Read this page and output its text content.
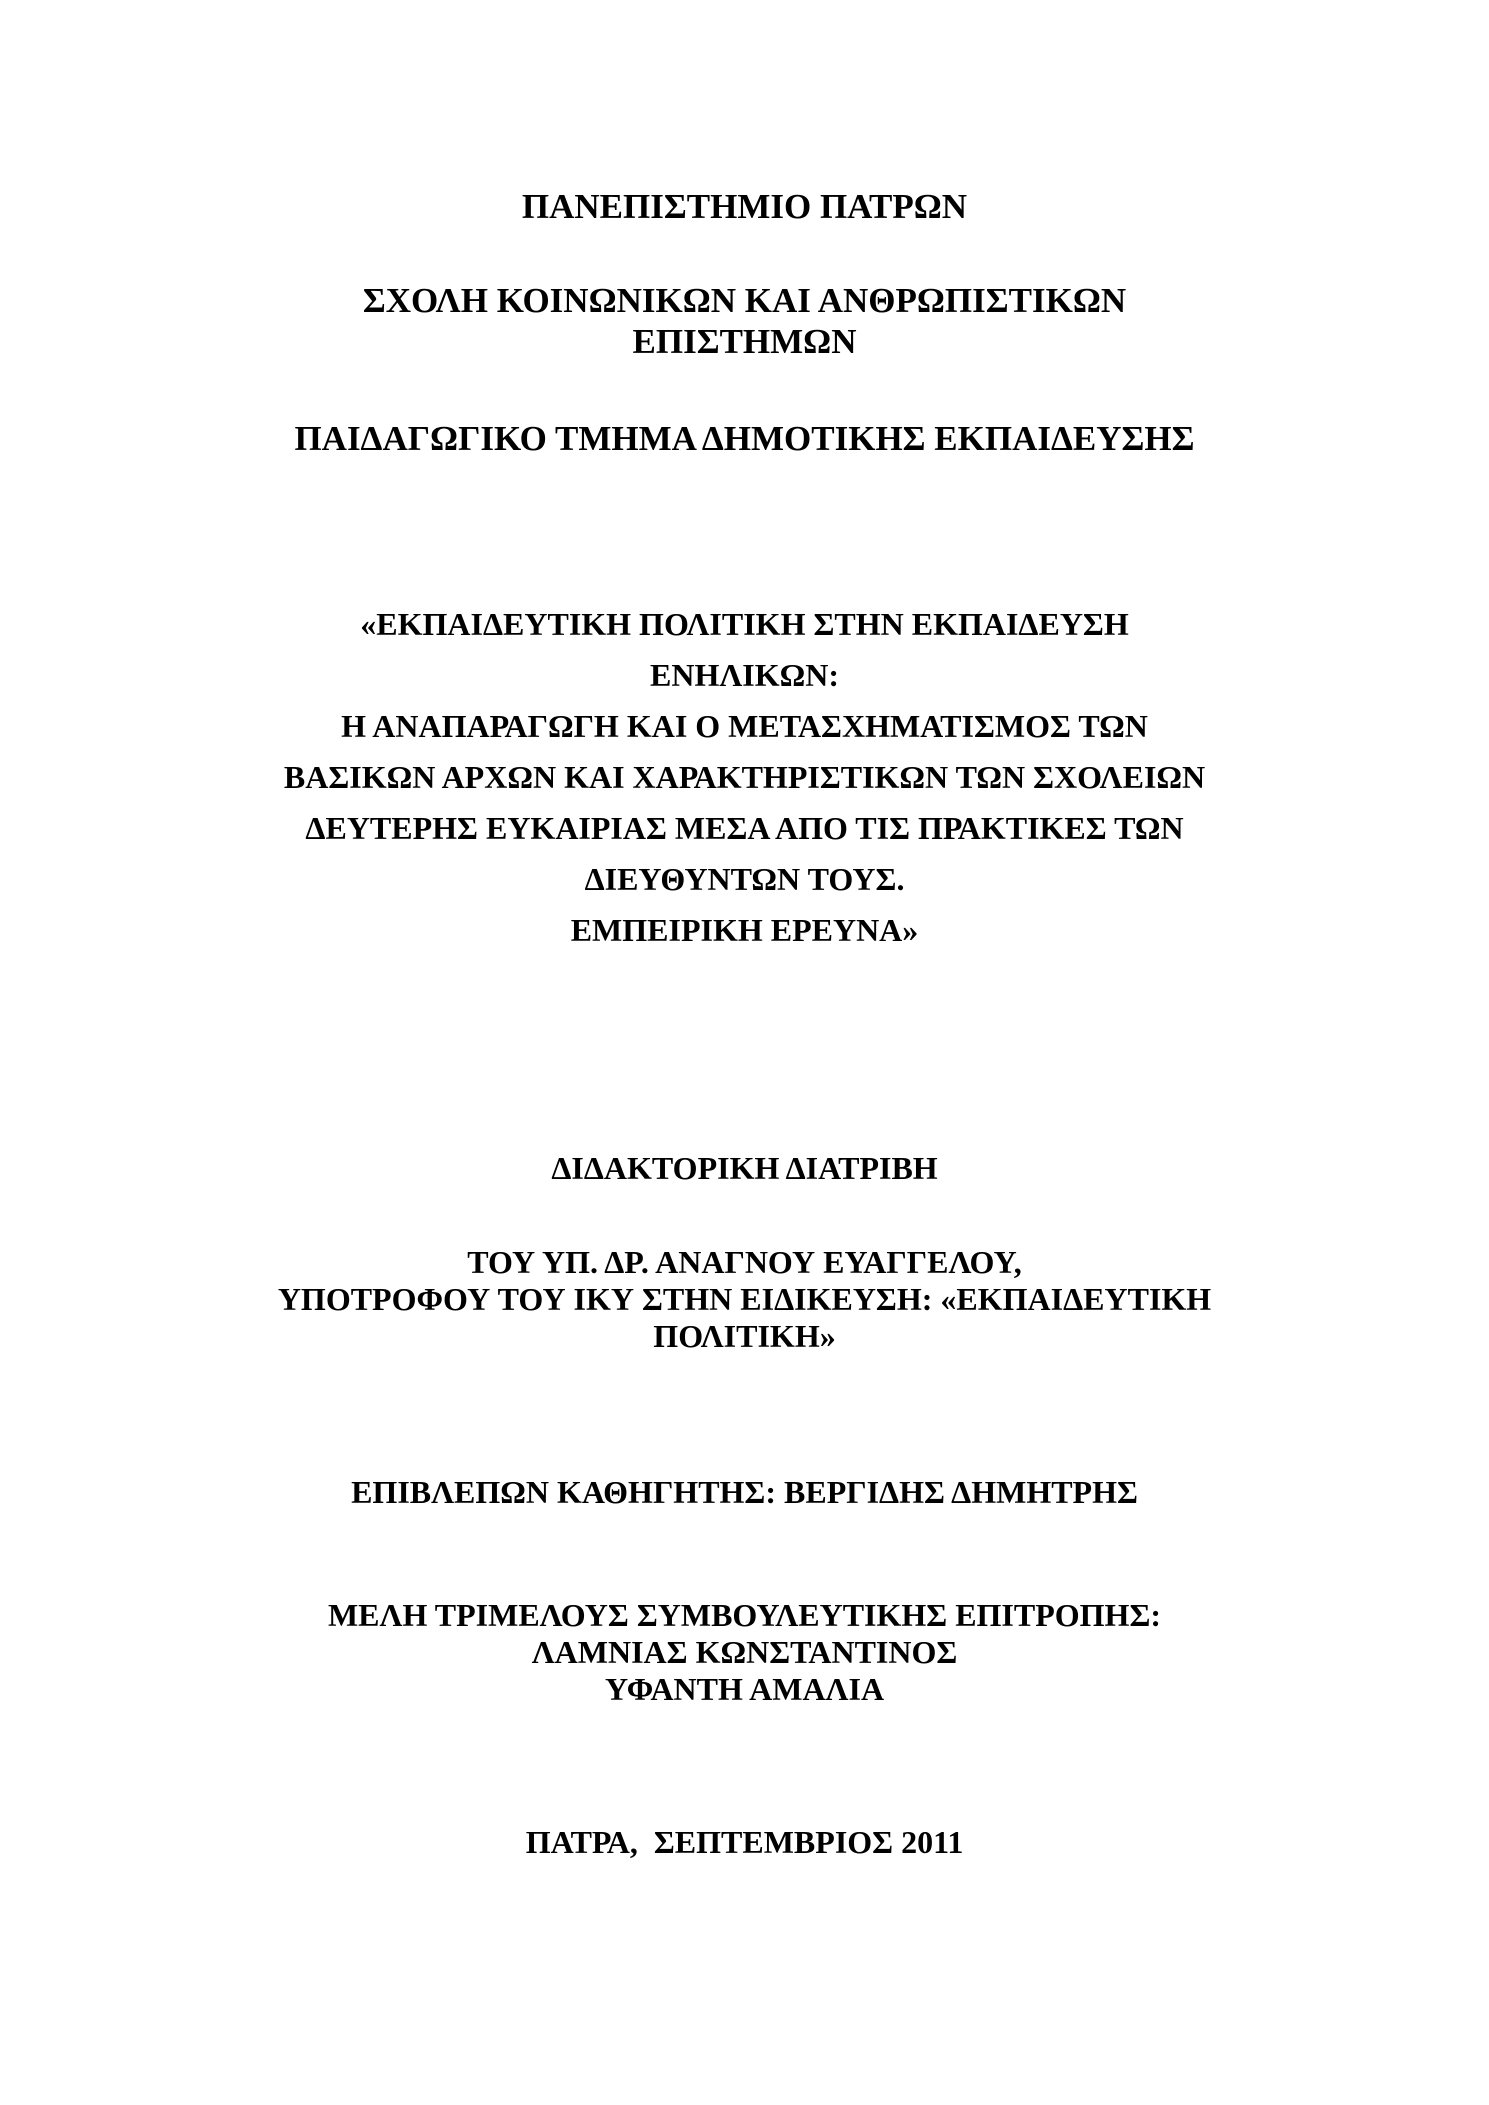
ΠΑΝΕΠΙΣΤΗΜΙΟ ΠΑΤΡΩΝ
ΣΧΟΛΗ ΚΟΙΝΩΝΙΚΩΝ ΚΑΙ ΑΝΘΡΩΠΙΣΤΙΚΩΝ
ΕΠΙΣΤΗΜΩΝ
ΠΑΙΔΑΓΩΓΙΚΟ ΤΜΗΜΑ ΔΗΜΟΤΙΚΗΣ ΕΚΠΑΙΔΕΥΣΗΣ
«ΕΚΠΑΙΔΕΥΤΙΚΗ ΠΟΛΙΤΙΚΗ ΣΤΗΝ ΕΚΠΑΙΔΕΥΣΗ
ΕΝΗΛΙΚΩΝ:
Η ΑΝΑΠΑΡΑΓΩΓΗ ΚΑΙ Ο ΜΕΤΑΣΧΗΜΑΤΙΣΜΟΣ ΤΩΝ
ΒΑΣΙΚΩΝ ΑΡΧΩΝ ΚΑΙ ΧΑΡΑΚΤΗΡΙΣΤΙΚΩΝ ΤΩΝ ΣΧΟΛΕΙΩΝ
ΔΕΥΤΕΡΗΣ ΕΥΚΑΙΡΙΑΣ ΜΕΣΑ ΑΠΟ ΤΙΣ ΠΡΑΚΤΙΚΕΣ ΤΩΝ
ΔΙΕΥΘΥΝΤΩΝ ΤΟΥΣ.
ΕΜΠΕΙΡΙΚΗ ΕΡΕΥΝΑ»
ΔΙΔΑΚΤΟΡΙΚΗ ΔΙΑΤΡΙΒΗ
ΤΟΥ ΥΠ. ΔΡ. ΑΝΑΓΝΟΥ ΕΥΑΓΓΕΛΟΥ,
ΥΠΟΤΡΟΦΟΥ ΤΟΥ ΙΚΥ ΣΤΗΝ ΕΙΔΙΚΕΥΣΗ: «ΕΚΠΑΙΔΕΥΤΙΚΗ
ΠΟΛΙΤΙΚΗ»
ΕΠΙΒΛΕΠΩΝ ΚΑΘΗΓΗΤΗΣ: ΒΕΡΓΙΔΗΣ ΔΗΜΗΤΡΗΣ
ΜΕΛΗ ΤΡΙΜΕΛΟΥΣ ΣΥΜΒΟΥΛΕΥΤΙΚΗΣ ΕΠΙΤΡΟΠΗΣ:
ΛΑΜΝΙΑΣ ΚΩΝΣΤΑΝΤΙΝΟΣ
ΥΦΑΝΤΗ ΑΜΑΛΙΑ
ΠΑΤΡΑ,  ΣΕΠΤΕΜΒΡΙΟΣ 2011
